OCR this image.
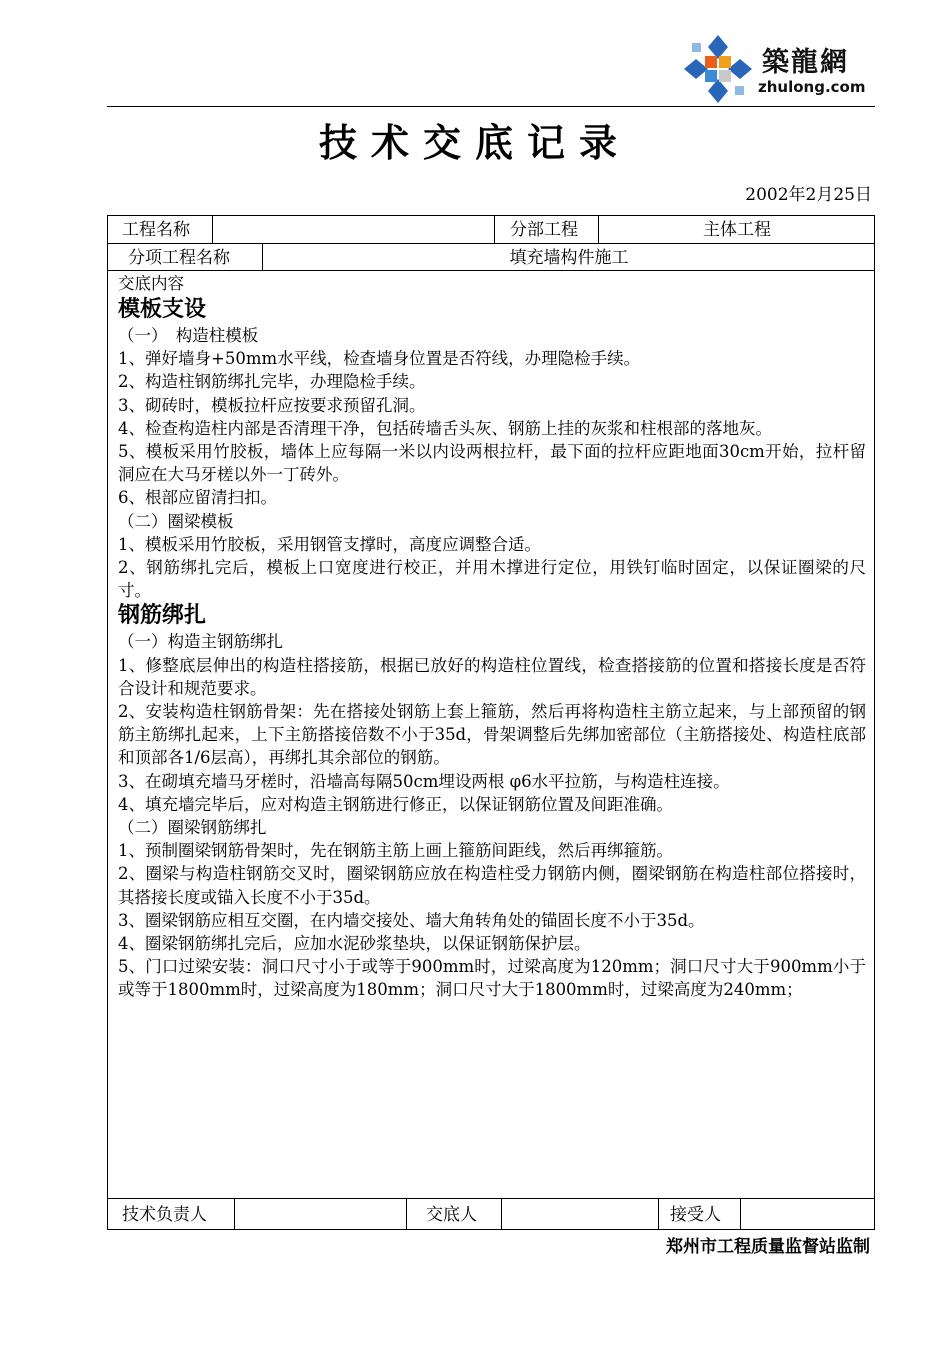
築龍網
zhulong.com
技术交底记录
2002年2月25日
工程名称	分部工程	主体工程
分项工程名称	填充墙构件施工
交底内容
模板支设

（一）　构造柱模板

1、弹好墙身+50mm水平线，检查墙身位置是否符线，办理隐检手续。

2、构造柱钢筋绑扎完毕，办理隐检手续。

3、砌砖时，模板拉杆应按要求预留孔洞。

4、检查构造柱内部是否清理干净，包括砖墙舌头灰、钢筋上挂的灰浆和柱根部的落地灰。

5、模板采用竹胶板，墙体上应每隔一米以内设两根拉杆，最下面的拉杆应距地面30cm开始，拉杆留洞应在大马牙槎以外一丁砖外。

6、根部应留清扫扣。

（二）圈梁模板

1、模板采用竹胶板，采用钢管支撑时，高度应调整合适。

2、钢筋绑扎完后，模板上口宽度进行校正，并用木撑进行定位，用铁钉临时固定，以保证圈梁的尺寸。

钢筋绑扎

（一）构造主钢筋绑扎

1、修整底层伸出的构造柱搭接筋，根据已放好的构造柱位置线，检查搭接筋的位置和搭接长度是否符合设计和规范要求。

2、安装构造柱钢筋骨架：先在搭接处钢筋上套上箍筋，然后再将构造柱主筋立起来，与上部预留的钢筋主筋绑扎起来，上下主筋搭接倍数不小于35d，骨架调整后先绑加密部位（主筋搭接处、构造柱底部和顶部各1/6层高），再绑扎其余部位的钢筋。

3、在砌填充墙马牙槎时，沿墙高每隔50cm埋设两根 φ6水平拉筋，与构造柱连接。

4、填充墙完毕后，应对构造主钢筋进行修正，以保证钢筋位置及间距准确。

（二）圈梁钢筋绑扎

1、预制圈梁钢筋骨架时，先在钢筋主筋上画上箍筋间距线，然后再绑箍筋。

2、圈梁与构造柱钢筋交叉时，圈梁钢筋应放在构造柱受力钢筋内侧，圈梁钢筋在构造柱部位搭接时，其搭接长度或锚入长度不小于35d。

3、圈梁钢筋应相互交圈，在内墙交接处、墙大角转角处的锚固长度不小于35d。

4、圈梁钢筋绑扎完后，应加水泥砂浆垫块，以保证钢筋保护层。

5、门口过梁安装：洞口尺寸小于或等于900mm时，过梁高度为120mm；洞口尺寸大于900mm小于或等于1800mm时，过梁高度为180mm；洞口尺寸大于1800mm时，过梁高度为240mm；

技术负责人	交底人	接受人
郑州市工程质量监督站监制
